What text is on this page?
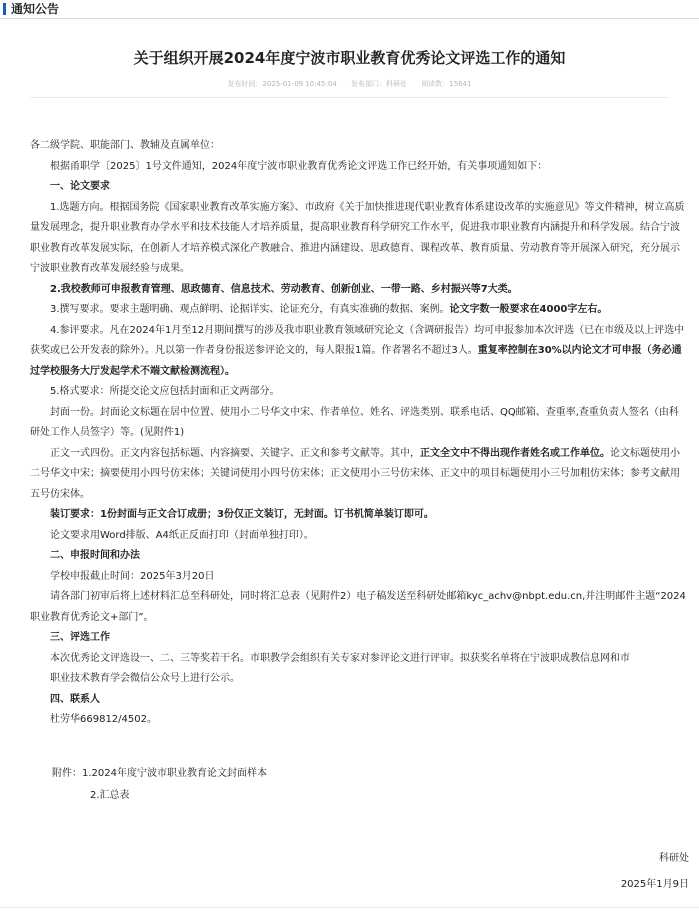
通知公告
关于组织开展2024年度宁波市职业教育优秀论文评选工作的通知
发布时间：2025-01-09 10:45:04 发布部门：科研处 阅读数：15641

各二级学院、职能部门、教辅及直属单位：

根据甬职学〔2025〕1号文件通知，2024年度宁波市职业教育优秀论文评选工作已经开始，有关事项通知如下：

一、论文要求

1.选题方向。根据国务院《国家职业教育改革实施方案》、市政府《关于加快推进现代职业教育体系建设改革的实施意见》等文件精神，树立高质量发展理念，提升职业教育办学水平和技术技能人才培养质量，提高职业教育科学研究工作水平，促进我市职业教育内涵提升和科学发展。结合宁波职业教育改革发展实际，在创新人才培养模式深化产教融合、推进内涵建设、思政德育、课程改革、教育质量、劳动教育等开展深入研究，充分展示宁波职业教育改革发展经验与成果。

2.我校教师可申报教育管理、思政德育、信息技术、劳动教育、创新创业、一带一路、乡村振兴等7大类。

3.撰写要求。要求主题明确、观点鲜明、论据详实、论证充分，有真实准确的数据、案例。论文字数一般要求在4000字左右。

4.参评要求。凡在2024年1月至12月期间撰写的涉及我市职业教育领域研究论文（含调研报告）均可申报参加本次评选（已在市级及以上评选中获奖或已公开发表的除外）。凡以第一作者身份报送参评论文的，每人限报1篇。作者署名不超过3人。重复率控制在30%以内论文才可申报（务必通过学校服务大厅发起学术不端文献检测流程）。

5.格式要求：所提交论文应包括封面和正文两部分。

封面一份。封面论文标题在居中位置、使用小二号华文中宋、作者单位、姓名、评选类别、联系电话、QQ邮箱、查重率,查重负责人签名（由科研处工作人员签字）等。(见附件1)

正文一式四份。正文内容包括标题、内容摘要、关键字、正文和参考文献等。其中，正文全文中不得出现作者姓名或工作单位。论文标题使用小二号华文中宋；摘要使用小四号仿宋体；关键词使用小四号仿宋体；正文使用小三号仿宋体、正文中的项目标题使用小三号加粗仿宋体；参考文献用五号仿宋体。

装订要求：1份封面与正文合订成册；3份仅正文装订，无封面。订书机简单装订即可。

论文要求用Word排版、A4纸正反面打印（封面单独打印）。

二、申报时间和办法

学校申报截止时间：2025年3月20日

请各部门初审后将上述材料汇总至科研处，同时将汇总表（见附件2）电子稿发送至科研处邮箱kyc_achv@nbpt.edu.cn,并注明邮件主题“2024职业教育优秀论文+部门”。

三、评选工作

本次优秀论文评选设一、二、三等奖若干名。市职教学会组织有关专家对参评论文进行评审。拟获奖名单将在宁波职成教信息网和市

职业技术教育学会微信公众号上进行公示。

四、联系人

杜劳华669812/4502。

附件：1.2024年度宁波市职业教育论文封面样本

2.汇总表

科研处

2025年1月9日
